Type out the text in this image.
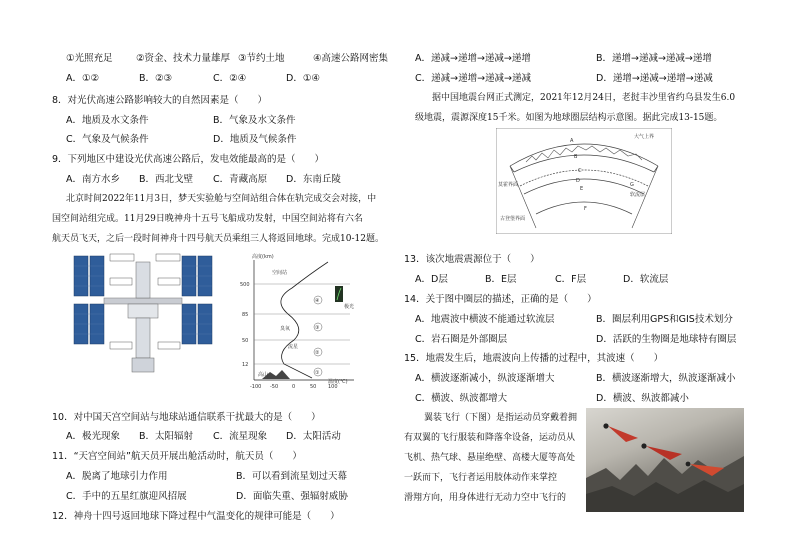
①光照充足 ②资金、技术力量雄厚 ③节约土地	④高速公路网密集
A．①②	B．②③	C．②④	D．①④
8．对光伏高速公路影响较大的自然因素是（　　）
A．地质及水文条件	B．气象及水文条件
C．气象及气候条件	D．地质及气候条件
9．下列地区中建设光伏高速公路后，发电效能最高的是（　　）
A．南方水乡 B．西北戈壁 C．青藏高原 D．东南丘陵
北京时间2022年11月3日，梦天实验舱与空间站组合体在轨完成交会对接，中
国空间站组完成。11月29日晚神舟十五号飞船成功发射，中国空间站将有六名
航天员飞天，之后一段时间神舟十四号航天员乘组三人将返回地球。完成10-12题。
高度(km)
温度(℃)
500
85
50
12
-100 -50	0	50 100
④
③
②
①
空间站
极光
臭氧
流星
高山
10．对中国天宫空间站与地球站通信联系干扰最大的是（　　）
A．极光现象 B．太阳辐射 C．流星现象 D．太阳活动
11．“天宫空间站”航天员开展出舱活动时，航天员（　　）
A．脱离了地球引力作用	B．可以看到流星划过天幕
C．手中的五星红旗迎风招展	D．面临失重、强辐射威胁
12．神舟十四号返回地球下降过程中气温变化的规律可能是（　　）
A．递减→递增→递减→递增	B．递增→递减→递减→递增
C．递减→递增→递减→递减	D．递增→递减→递增→递减
据中国地震台网正式测定，2021年12月24日，老挝丰沙里省约乌县发生6.0
级地震，震源深度15千米。如图为地球圈层结构示意图。据此完成13-15题。
大气上界
A
B
C
D
E
F
G
莫霍界面
古登堡界面
软流层
13．该次地震震源位于（　　）
A．D层	B．E层	C．F层	D．软流层
14．关于图中圈层的描述，正确的是（　　）
A．地震波中横波不能通过软流层	B．圈层利用GPS和GIS技术划分
C．岩石圈是外部圈层	D．活跃的生物圈是地球特有圈层
15．地震发生后，地震波向上传播的过程中，其波速（　　）
A．横波逐渐减小，纵波逐渐增大	B．横波逐渐增大，纵波逐渐减小
C．横波、纵波都增大	D．横波、纵波都减小
翼装飞行（下图）是指运动员穿戴着拥
有双翼的飞行服装和降落伞设备，运动员从
飞机、热气球、悬崖绝壁、高楼大厦等高处
一跃而下，飞行者运用肢体动作来掌控
滑翔方向，用身体进行无动力空中飞行的
